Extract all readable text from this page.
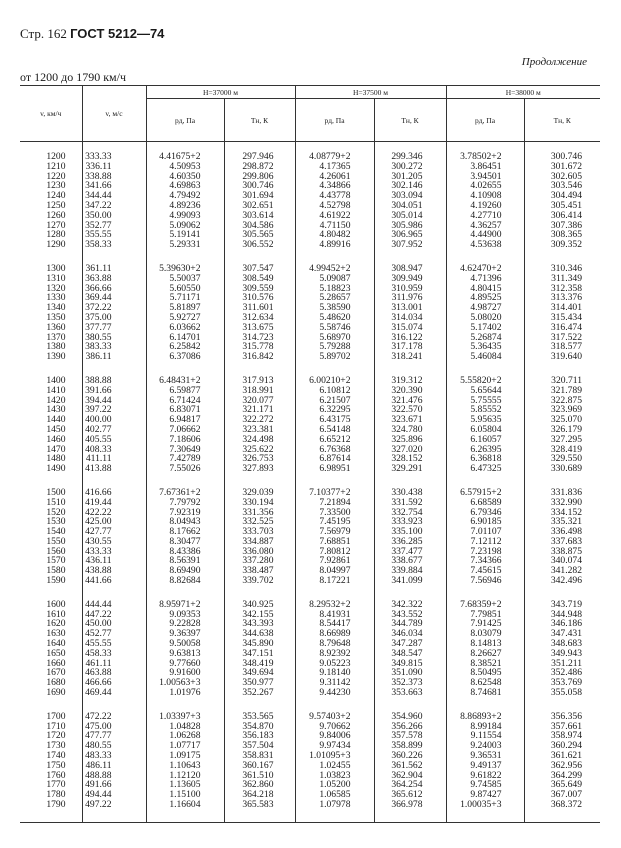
Стр. 162 ГОСТ 5212—74
Продолжение
от 1200 до 1790 км/ч
v, км/ч	v, м/с	H=37000 м		H=37500 м		H=38000 м	
		pд, Па	Tн, К	pд, Па	Tн, К	pд, Па	Tн, К
1200	333.33	4.41675+2	297.946	4.08779+2	299.346	3.78502+2	300.746
1210	336.11	4.50953	298.872	4.17365	300.272	3.86451	301.672
1220	338.88	4.60350	299.806	4.26061	301.205	3.94501	302.605
1230	341.66	4.69863	300.746	4.34866	302.146	4.02655	303.546
1240	344.44	4.79492	301.694	4.43778	303.094	4.10908	304.494
1250	347.22	4.89236	302.651	4.52798	304.051	4.19260	305.451
1260	350.00	4.99093	303.614	4.61922	305.014	4.27710	306.414
1270	352.77	5.09062	304.586	4.71150	305.986	4.36257	307.386
1280	355.55	5.19141	305.565	4.80482	306.965	4.44900	308.365
1290	358.33	5.29331	306.552	4.89916	307.952	4.53638	309.352
1300	361.11	5.39630+2	307.547	4.99452+2	308.947	4.62470+2	310.346
1310	363.88	5.50037	308.549	5.09087	309.949	4.71396	311.349
1320	366.66	5.60550	309.559	5.18823	310.959	4.80415	312.358
1330	369.44	5.71171	310.576	5.28657	311.976	4.89525	313.376
1340	372.22	5.81897	311.601	5.38590	313.001	4.98727	314.401
1350	375.00	5.92727	312.634	5.48620	314.034	5.08020	315.434
1360	377.77	6.03662	313.675	5.58746	315.074	5.17402	316.474
1370	380.55	6.14701	314.723	5.68970	316.122	5.26874	317.522
1380	383.33	6.25842	315.778	5.79288	317.178	5.36435	318.577
1390	386.11	6.37086	316.842	5.89702	318.241	5.46084	319.640
1400	388.88	6.48431+2	317.913	6.00210+2	319.312	5.55820+2	320.711
1410	391.66	6.59877	318.991	6.10812	320.390	5.65644	321.789
1420	394.44	6.71424	320.077	6.21507	321.476	5.75555	322.875
1430	397.22	6.83071	321.171	6.32295	322.570	5.85552	323.969
1440	400.00	6.94817	322.272	6.43175	323.671	5.95635	325.070
1450	402.77	7.06662	323.381	6.54148	324.780	6.05804	326.179
1460	405.55	7.18606	324.498	6.65212	325.896	6.16057	327.295
1470	408.33	7.30649	325.622	6.76368	327.020	6.26395	328.419
1480	411.11	7.42789	326.753	6.87614	328.152	6.36818	329.550
1490	413.88	7.55026	327.893	6.98951	329.291	6.47325	330.689
1500	416.66	7.67361+2	329.039	7.10377+2	330.438	6.57915+2	331.836
1510	419.44	7.79792	330.194	7.21894	331.592	6.68589	332.990
1520	422.22	7.92319	331.356	7.33500	332.754	6.79346	334.152
1530	425.00	8.04943	332.525	7.45195	333.923	6.90185	335.321
1540	427.77	8.17662	333.703	7.56979	335.100	7.01107	336.498
1550	430.55	8.30477	334.887	7.68851	336.285	7.12112	337.683
1560	433.33	8.43386	336.080	7.80812	337.477	7.23198	338.875
1570	436.11	8.56391	337.280	7.92861	338.677	7.34366	340.074
1580	438.88	8.69490	338.487	8.04997	339.884	7.45615	341.282
1590	441.66	8.82684	339.702	8.17221	341.099	7.56946	342.496
1600	444.44	8.95971+2	340.925	8.29532+2	342.322	7.68359+2	343.719
1610	447.22	9.09353	342.155	8.41931	343.552	7.79851	344.948
1620	450.00	9.22828	343.393	8.54417	344.789	7.91425	346.186
1630	452.77	9.36397	344.638	8.66989	346.034	8.03079	347.431
1640	455.55	9.50058	345.890	8.79648	347.287	8.14813	348.683
1650	458.33	9.63813	347.151	8.92392	348.547	8.26627	349.943
1660	461.11	9.77660	348.419	9.05223	349.815	8.38521	351.211
1670	463.88	9.91600	349.694	9.18140	351.090	8.50495	352.486
1680	466.66	1.00563+3	350.977	9.31142	352.373	8.62548	353.769
1690	469.44	1.01976	352.267	9.44230	353.663	8.74681	355.058
1700	472.22	1.03397+3	353.565	9.57403+2	354.960	8.86893+2	356.356
1710	475.00	1.04828	354.870	9.70662	356.266	8.99184	357.661
1720	477.77	1.06268	356.183	9.84006	357.578	9.11554	358.974
1730	480.55	1.07717	357.504	9.97434	358.899	9.24003	360.294
1740	483.33	1.09175	358.831	1.01095+3	360.226	9.36531	361.621
1750	486.11	1.10643	360.167	1.02455	361.562	9.49137	362.956
1760	488.88	1.12120	361.510	1.03823	362.904	9.61822	364.299
1770	491.66	1.13605	362.860	1.05200	364.254	9.74585	365.649
1780	494.44	1.15100	364.218	1.06585	365.612	9.87427	367.007
1790	497.22	1.16604	365.583	1.07978	366.978	1.00035+3	368.372
